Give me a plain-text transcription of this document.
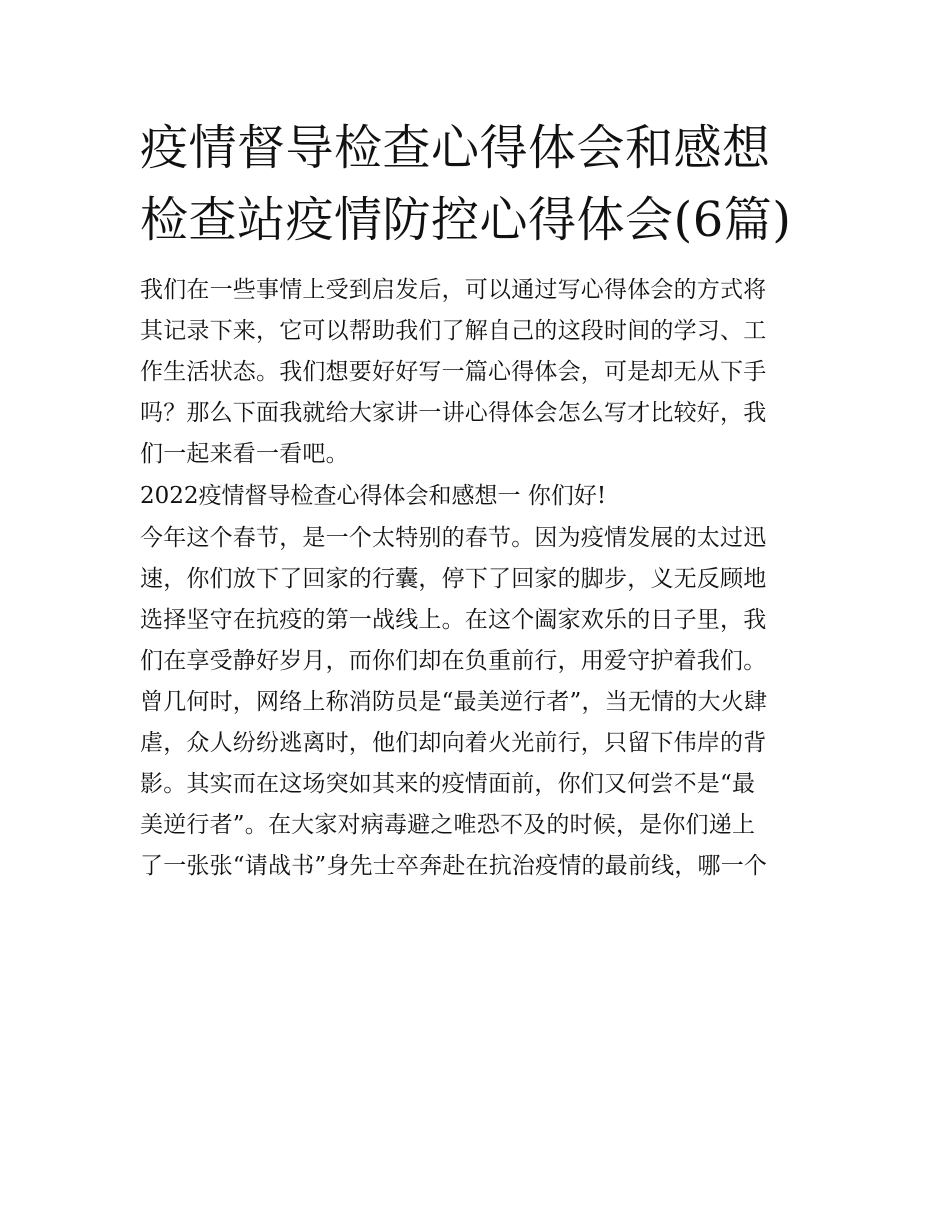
疫情督导检查心得体会和感想检查站疫情防控心得体会(6篇)
我们在一些事情上受到启发后，可以通过写心得体会的方式将
其记录下来，它可以帮助我们了解自己的这段时间的学习、工
作生活状态。我们想要好好写一篇心得体会，可是却无从下手
吗？那么下面我就给大家讲一讲心得体会怎么写才比较好，我
们一起来看一看吧。
2022疫情督导检查心得体会和感想一 你们好!
今年这个春节，是一个太特别的春节。因为疫情发展的太过迅
速，你们放下了回家的行囊，停下了回家的脚步，义无反顾地
选择坚守在抗疫的第一战线上。在这个阖家欢乐的日子里，我
们在享受静好岁月，而你们却在负重前行，用爱守护着我们。
曾几何时，网络上称消防员是“最美逆行者”，当无情的大火肆
虐，众人纷纷逃离时，他们却向着火光前行，只留下伟岸的背
影。其实而在这场突如其来的疫情面前，你们又何尝不是“最
美逆行者”。在大家对病毒避之唯恐不及的时候，是你们递上
了一张张“请战书”身先士卒奔赴在抗治疫情的最前线，哪一个
